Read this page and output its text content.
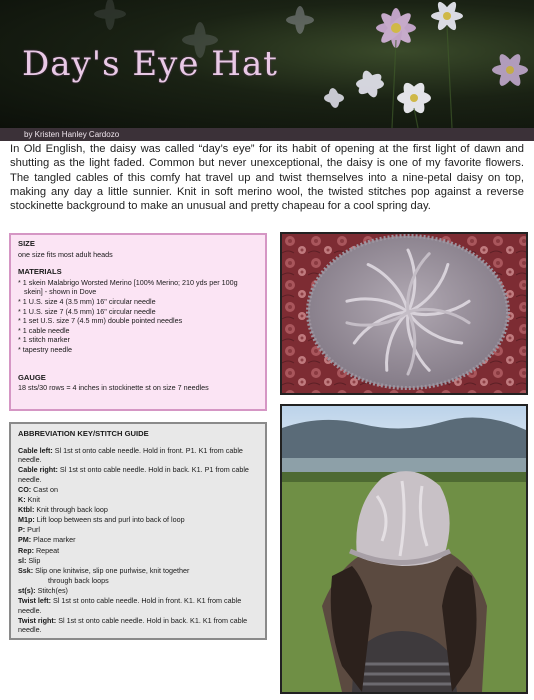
Day's Eye Hat
by Kristen Hanley Cardozo
In Old English, the daisy was called “day’s eye” for its habit of opening at the first light of dawn and shutting as the light faded. Common but never unexceptional, the daisy is one of my favorite flowers. The tangled cables of this comfy hat travel up and twist themselves into a nine-petal daisy on top, making any day a little sunnier. Knit in soft merino wool, the twisted stitches pop against a reverse stockinette background to make an unusual and pretty chapeau for a cool spring day.
SIZE
one size fits most adult heads
MATERIALS
* 1 skein Malabrigo Worsted Merino [100% Merino; 210 yds per 100g skein] - shown in Dove
* 1 U.S. size 4 (3.5 mm) 16" circular needle
* 1 U.S. size 7 (4.5 mm) 16" circular needle
* 1 set U.S. size 7 (4.5 mm) double pointed needles
* 1 cable needle
* 1 stitch marker
* tapestry needle
GAUGE
18 sts/30 rows = 4 inches in stockinette st on size 7 needles
ABBREVIATION KEY/STITCH GUIDE
Cable left: Sl 1st st onto cable needle. Hold in front. P1. K1 from cable needle.
Cable right: Sl 1st st onto cable needle. Hold in back. K1. P1 from cable needle.
CO: Cast on
K: Knit
Ktbl: Knit through back loop
M1p: Lift loop between sts and purl into back of loop
P: Purl
PM: Place marker
Rep: Repeat
sl: Slip
Ssk: Slip one knitwise, slip one purlwise, knit together
through back loops
st(s): Stitch(es)
Twist left: Sl 1st st onto cable needle. Hold in front. K1. K1 from cable needle.
Twist right: Sl 1st st onto cable needle. Hold in back. K1. K1 from cable needle.
